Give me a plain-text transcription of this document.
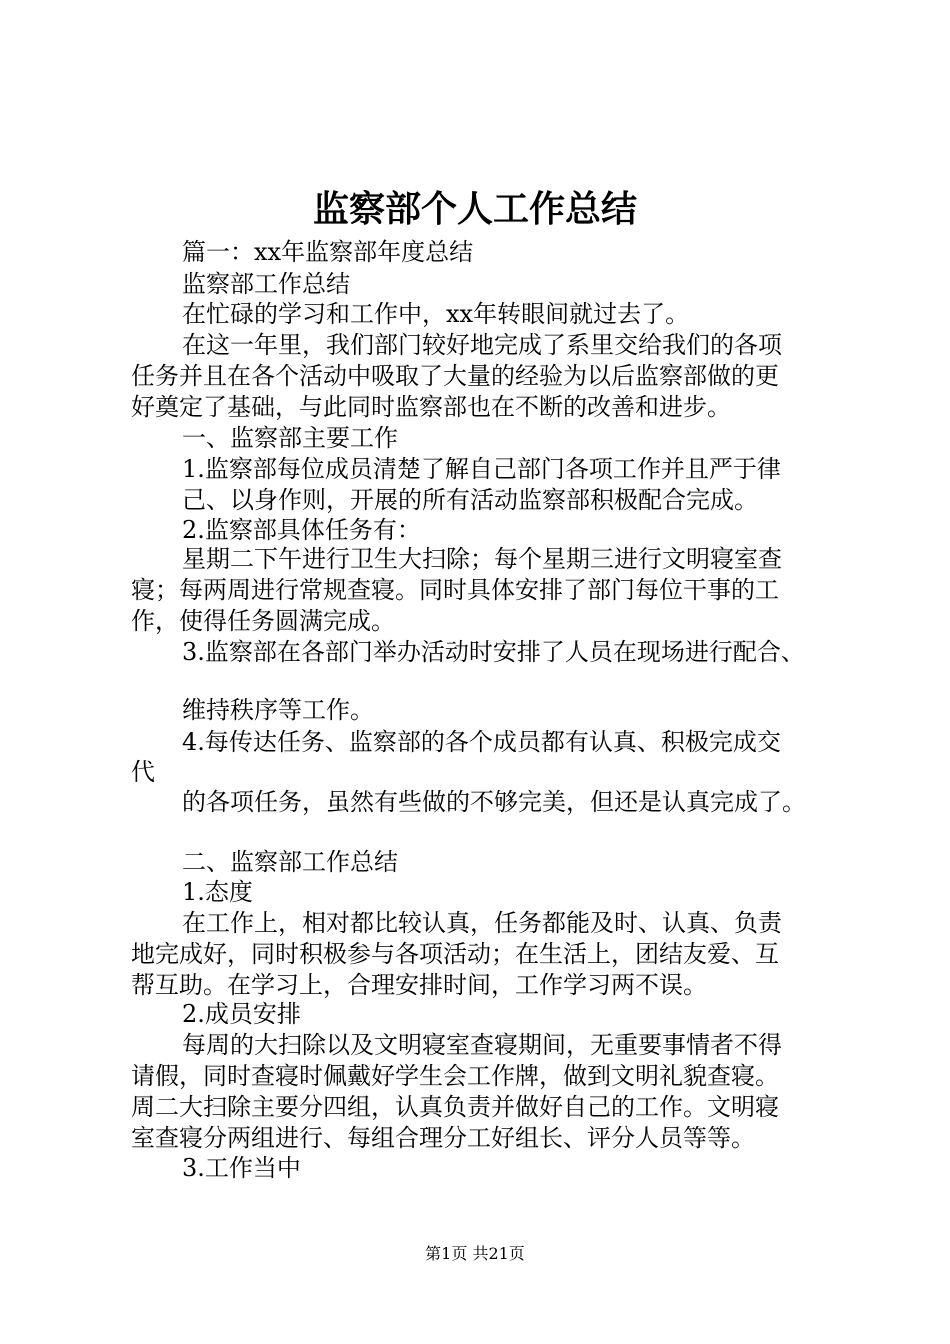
监察部个人工作总结
篇一：xx年监察部年度总结
监察部工作总结
在忙碌的学习和工作中，xx年转眼间就过去了。
在这一年里，我们部门较好地完成了系里交给我们的各项
任务并且在各个活动中吸取了大量的经验为以后监察部做的更
好奠定了基础，与此同时监察部也在不断的改善和进步。
一、监察部主要工作
1.监察部每位成员清楚了解自己部门各项工作并且严于律
己、以身作则，开展的所有活动监察部积极配合完成。
2.监察部具体任务有：
星期二下午进行卫生大扫除；每个星期三进行文明寝室查
寝；每两周进行常规查寝。同时具体安排了部门每位干事的工
作，使得任务圆满完成。
3.监察部在各部门举办活动时安排了人员在现场进行配合、
维持秩序等工作。
4.每传达任务、监察部的各个成员都有认真、积极完成交
代
的各项任务，虽然有些做的不够完美，但还是认真完成了。
二、监察部工作总结
1.态度
在工作上，相对都比较认真，任务都能及时、认真、负责
地完成好，同时积极参与各项活动；在生活上，团结友爱、互
帮互助。在学习上，合理安排时间，工作学习两不误。
2.成员安排
每周的大扫除以及文明寝室查寝期间，无重要事情者不得
请假，同时查寝时佩戴好学生会工作牌，做到文明礼貌查寝。
周二大扫除主要分四组，认真负责并做好自己的工作。文明寝
室查寝分两组进行、每组合理分工好组长、评分人员等等。
3.工作当中
第1页 共21页
